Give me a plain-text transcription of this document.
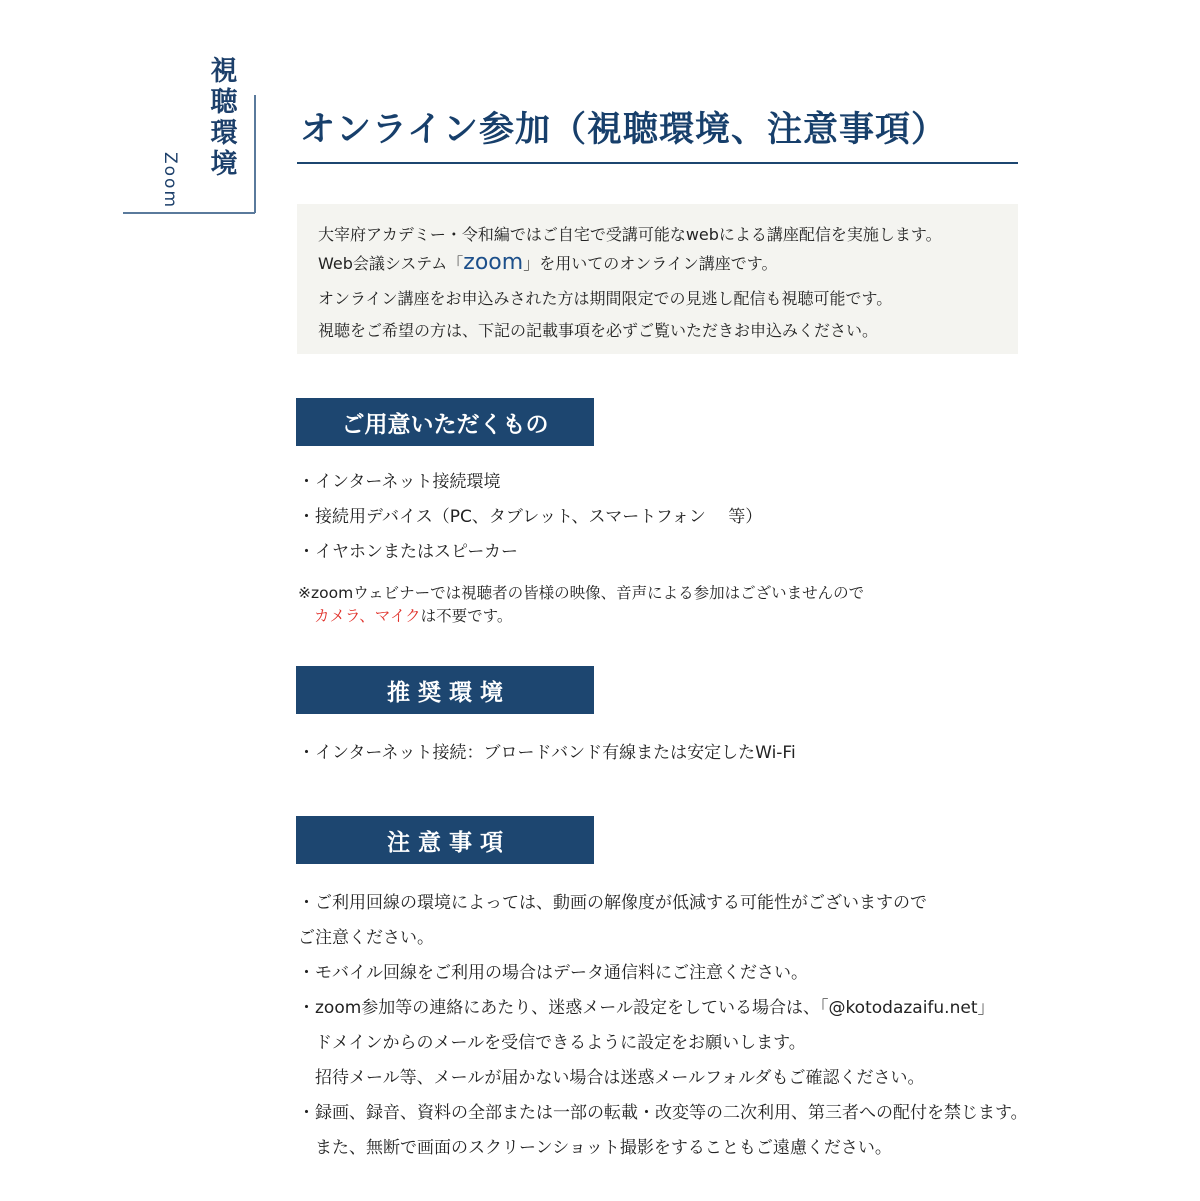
視
聴
環
境
Zoom
オンライン参加（視聴環境、注意事項）
大宰府アカデミー・令和編ではご自宅で受講可能なwebによる講座配信を実施します。
Web会議システム「zoom」を用いてのオンライン講座です。
オンライン講座をお申込みされた方は期間限定での見逃し配信も視聴可能です。
視聴をご希望の方は、下記の記載事項を必ずご覧いただきお申込みください。
ご用意いただくもの
・インターネット接続環境
・接続用デバイス（PC、タブレット、スマートフォン　 等）
・イヤホンまたはスピーカー
※zoomウェビナーでは視聴者の皆様の映像、音声による参加はございませんので
カメラ、マイクは不要です。
推 奨 環 境
・インターネット接続：ブロードバンド有線または安定したWi-Fi
注 意 事 項
・ご利用回線の環境によっては、動画の解像度が低減する可能性がございますので
ご注意ください。
・モバイル回線をご利用の場合はデータ通信料にご注意ください。
・zoom参加等の連絡にあたり、迷惑メール設定をしている場合は、「@kotodazaifu.net」
　ドメインからのメールを受信できるように設定をお願いします。
　招待メール等、メールが届かない場合は迷惑メールフォルダもご確認ください。
・録画、録音、資料の全部または一部の転載・改変等の二次利用、第三者への配付を禁じます。
　また、無断で画面のスクリーンショット撮影をすることもご遠慮ください。
